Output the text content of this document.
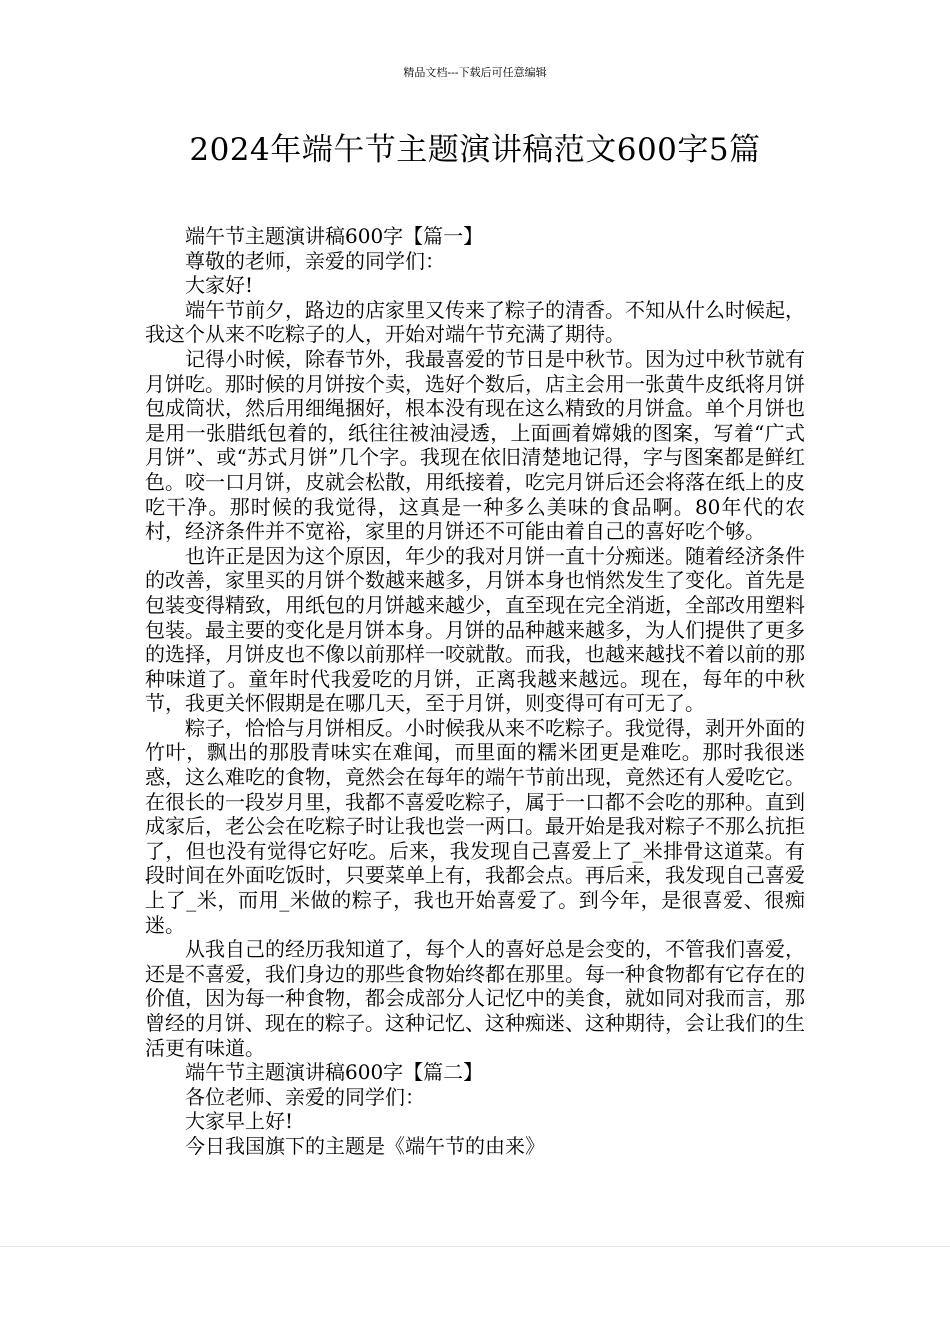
精品文档---下载后可任意编辑
2024年端午节主题演讲稿范文600字5篇

端午节主题演讲稿600字【篇一】

尊敬的老师，亲爱的同学们：

大家好!

端午节前夕，路边的店家里又传来了粽子的清香。不知从什么时候起，我这个从来不吃粽子的人，开始对端午节充满了期待。

记得小时候，除春节外，我最喜爱的节日是中秋节。因为过中秋节就有月饼吃。那时候的月饼按个卖，选好个数后，店主会用一张黄牛皮纸将月饼包成筒状，然后用细绳捆好，根本没有现在这么精致的月饼盒。单个月饼也是用一张腊纸包着的，纸往往被油浸透，上面画着嫦娥的图案，写着“广式月饼”、或“苏式月饼”几个字。我现在依旧清楚地记得，字与图案都是鲜红色。咬一口月饼，皮就会松散，用纸接着，吃完月饼后还会将落在纸上的皮吃干净。那时候的我觉得，这真是一种多么美味的食品啊。80年代的农村，经济条件并不宽裕，家里的月饼还不可能由着自己的喜好吃个够。

也许正是因为这个原因，年少的我对月饼一直十分痴迷。随着经济条件的改善，家里买的月饼个数越来越多，月饼本身也悄然发生了变化。首先是包装变得精致，用纸包的月饼越来越少，直至现在完全消逝，全部改用塑料包装。最主要的变化是月饼本身。月饼的品种越来越多，为人们提供了更多的选择，月饼皮也不像以前那样一咬就散。而我，也越来越找不着以前的那种味道了。童年时代我爱吃的月饼，正离我越来越远。现在，每年的中秋节，我更关怀假期是在哪几天，至于月饼，则变得可有可无了。

粽子，恰恰与月饼相反。小时候我从来不吃粽子。我觉得，剥开外面的竹叶，飘出的那股青味实在难闻，而里面的糯米团更是难吃。那时我很迷惑，这么难吃的食物，竟然会在每年的端午节前出现，竟然还有人爱吃它。在很长的一段岁月里，我都不喜爱吃粽子，属于一口都不会吃的那种。直到成家后，老公会在吃粽子时让我也尝一两口。最开始是我对粽子不那么抗拒了，但也没有觉得它好吃。后来，我发现自己喜爱上了_米排骨这道菜。有段时间在外面吃饭时，只要菜单上有，我都会点。再后来，我发现自己喜爱上了_米，而用_米做的粽子，我也开始喜爱了。到今年，是很喜爱、很痴迷。

从我自己的经历我知道了，每个人的喜好总是会变的，不管我们喜爱，还是不喜爱，我们身边的那些食物始终都在那里。每一种食物都有它存在的价值，因为每一种食物，都会成部分人记忆中的美食，就如同对我而言，那曾经的月饼、现在的粽子。这种记忆、这种痴迷、这种期待，会让我们的生活更有味道。

端午节主题演讲稿600字【篇二】

各位老师、亲爱的同学们：

大家早上好!

今日我国旗下的主题是《端午节的由来》
